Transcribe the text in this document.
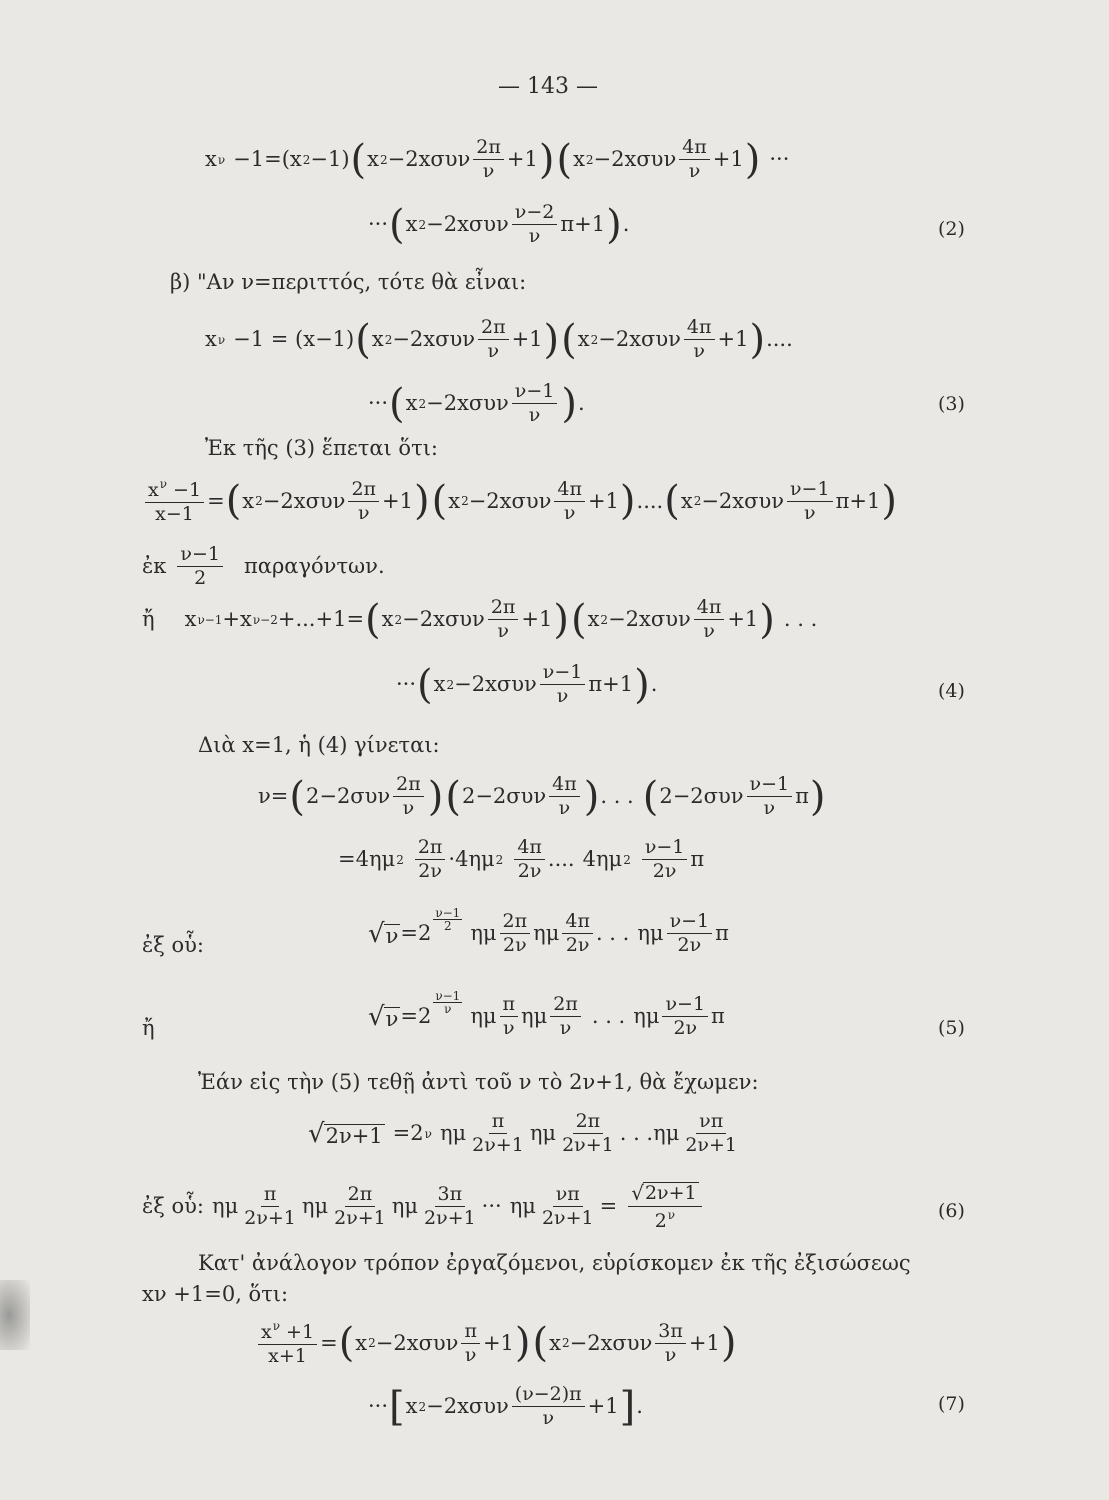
— 143 —
x ν −1=(x 2 −1) ( x $2 -2x\sigma\upsilon\nu \frac{2\pi}{\nu} +1$ ) ( x $2 -2x\sigma\upsilon\nu \frac{4\pi}{\nu} +1$ ) ···
··· ( x $2 -2x\sigma\upsilon\nu \frac{\nu-2}{\nu} \pi+1$ ) .	(2)
β) "Αν ν=περιττός, τότε θὰ εἶναι:
x ν −1 = (x−1) ( x $2 -2x\sigma\upsilon\nu \frac{2\pi}{\nu} +1$ ) ( x $2 -2x\sigma\upsilon\nu \frac{4\pi}{\nu} +1$ ) ....
··· ( x $2 -2x\sigma\upsilon\nu \frac{\nu-1}{\nu}$ ) .	(3)
Ἐκ τῆς (3) ἕπεται ὅτι:
$\frac{x^\nu -1}{x-1}$ = ( x $2 -2x\sigma\upsilon\nu \frac{2\pi}{\nu} +1$ ) ( x $2 -2x\sigma\upsilon\nu \frac{4\pi}{\nu} +1$ ) .... ( x $2 -2x\sigma\upsilon\nu \frac{\nu-1}{\nu} \pi+1$ )
ἐκ $\frac{\nu-1}{2} \pi\alpha\rho\alpha\gamma ό\nu\tau\omega\nu$.
ἤ x ν−1 + x ν−2 +...+1= ( x $2 -2x\sigma\upsilon\nu \frac{2\pi}{\nu} +1$ ) ( x $2 -2x\sigma\upsilon\nu \frac{4\pi}{\nu} +1$ ) . . .
··· ( x $2 -2x\sigma\upsilon\nu \frac{\nu-1}{\nu} \pi+1$ ) .	(4)
Διὰ x=1, ἡ (4) γίνεται:
ν= ( $2-2\sigma\upsilon\nu \frac{2\pi}{\nu}$ ) ( $2-2\sigma\upsilon\nu \frac{4\pi}{\nu}$ ) . . . ( $2-2\sigma\upsilon\nu \frac{\nu-1}{\nu}$ π )
=4ημ $2 \frac{2\pi}{2\nu} \cdot 4\eta\mu$ $2 \frac{4\pi}{2\nu}$ .... 4ημ $2 \frac{\nu-1}{2\nu}$ π
ἐξ οὗ:	√ ν =2
$\frac{\nu-1}{2}$
ημ $\frac{2\pi}{2\nu}$ ημ $\frac{4\pi}{2\nu}$ . . . ημ $\frac{\nu-1}{2\nu}$ π
ἤ	√ ν =2
$\frac{\nu-1}{\nu}$
ημ $\frac{\pi}{\nu}$ ημ $\frac{2\pi}{\nu}$ . . . ημ $\frac{\nu-1}{2\nu}$ π	(5)
Ἐάν εἰς τὴν (5) τεθῇ ἀντὶ τοῦ ν τὸ 2ν+1, θὰ ἔχωμεν:
√ 2ν+1 =2 ν ημ $\frac{\pi}{2\nu+1}$ ημ $\frac{2\pi}{2\nu+1}$ . . . ημ $\frac{\nu\pi}{2\nu+1}$
ἐξ οὗ: ημ $\frac{\pi}{2\nu+1}$ ημ $\frac{2\pi}{2\nu+1}$ ημ $\frac{3\pi}{2\nu+1}$ ··· ημ $\frac{\nu\pi}{2\nu+1} = \frac{√ 2\nu+1}{2^\nu}$	(6)
Κατ' ἀνάλογον τρόπον ἐργαζόμενοι, εὑρίσκομεν ἐκ τῆς ἐξισώσεως
xν +1=0, ὅτι:
$\frac{x^\nu +1}{x+1}$ = ( x $2 -2x\sigma\upsilon\nu \frac{\pi}{\nu} +1$ ) ( x $2 -2x\sigma\upsilon\nu \frac{3\pi}{\nu} +1$ )
··· [ x $2 -2x\sigma\upsilon\nu \frac{(\nu-2)\pi}{\nu} +1$ ] .	(7)
